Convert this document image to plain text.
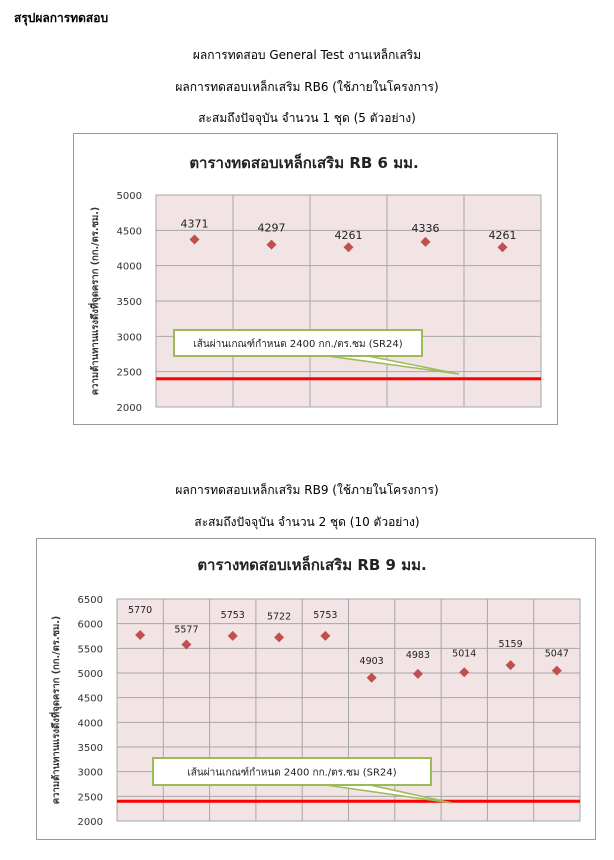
สรุปผลการทดสอบ
ผลการทดสอบ General Test งานเหล็กเสริม
ผลการทดสอบเหล็กเสริม RB6 (ใช้ภายในโครงการ)
สะสมถึงปัจจุบัน จำนวน 1 ชุด (5 ตัวอย่าง)
ตารางทดสอบเหล็กเสริม RB 6 มม.
2000
2500
3000
3500
4000
4500
5000
ความต้านทานแรงดึงที่จุดคราก (กก./ตร.ซม.)	4371	4297
4261
4336
4261
เส้นผ่านเกณฑ์กำหนด 2400 กก./ตร.ซม (SR24)
ผลการทดสอบเหล็กเสริม RB9 (ใช้ภายในโครงการ)
สะสมถึงปัจจุบัน จำนวน 2 ชุด (10 ตัวอย่าง)
ตารางทดสอบเหล็กเสริม RB 9 มม.
2000
2500
3000
3500
4000
4500
5000
5500
6000
6500
ความต้านทานแรงดึงที่จุดคราก (กก./ตร.ซม.)
5770
5577
5753 5722 5753
4903
4983 5014
5159
5047
เส้นผ่านเกณฑ์กำหนด 2400 กก./ตร.ซม (SR24)
